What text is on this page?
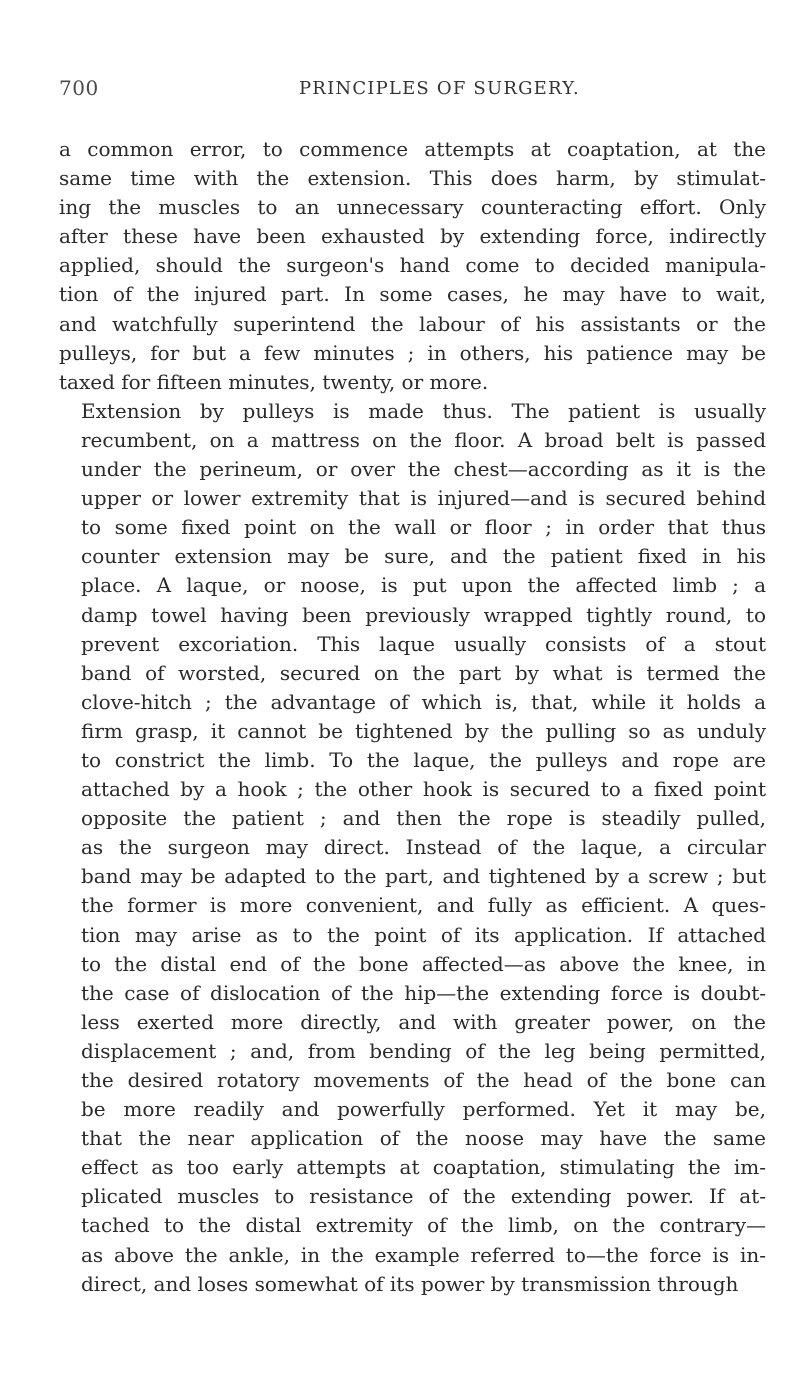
700	PRINCIPLES OF SURGERY.

a common error, to commence attempts at coaptation, at the
same time with the extension. This does harm, by stimulat-
ing the muscles to an unnecessary counteracting effort. Only
after these have been exhausted by extending force, indirectly
applied, should the surgeon's hand come to decided manipula-
tion of the injured part. In some cases, he may have to wait,
and watchfully superintend the labour of his assistants or the
pulleys, for but a few minutes ; in others, his patience may be
taxed for fifteen minutes, twenty, or more.

Extension by pulleys is made thus. The patient is usually
recumbent, on a mattress on the floor. A broad belt is passed
under the perineum, or over the chest—according as it is the
upper or lower extremity that is injured—and is secured behind
to some fixed point on the wall or floor ; in order that thus
counter extension may be sure, and the patient fixed in his
place. A laque, or noose, is put upon the affected limb ; a
damp towel having been previously wrapped tightly round, to
prevent excoriation. This laque usually consists of a stout
band of worsted, secured on the part by what is termed the
clove-hitch ; the advantage of which is, that, while it holds a
firm grasp, it cannot be tightened by the pulling so as unduly
to constrict the limb. To the laque, the pulleys and rope are
attached by a hook ; the other hook is secured to a fixed point
opposite the patient ; and then the rope is steadily pulled,
as the surgeon may direct. Instead of the laque, a circular
band may be adapted to the part, and tightened by a screw ; but
the former is more convenient, and fully as efficient. A ques-
tion may arise as to the point of its application. If attached
to the distal end of the bone affected—as above the knee, in
the case of dislocation of the hip—the extending force is doubt-
less exerted more directly, and with greater power, on the
displacement ; and, from bending of the leg being permitted,
the desired rotatory movements of the head of the bone can
be more readily and powerfully performed. Yet it may be,
that the near application of the noose may have the same
effect as too early attempts at coaptation, stimulating the im-
plicated muscles to resistance of the extending power. If at-
tached to the distal extremity of the limb, on the contrary—
as above the ankle, in the example referred to—the force is in-
direct, and loses somewhat of its power by transmission through
